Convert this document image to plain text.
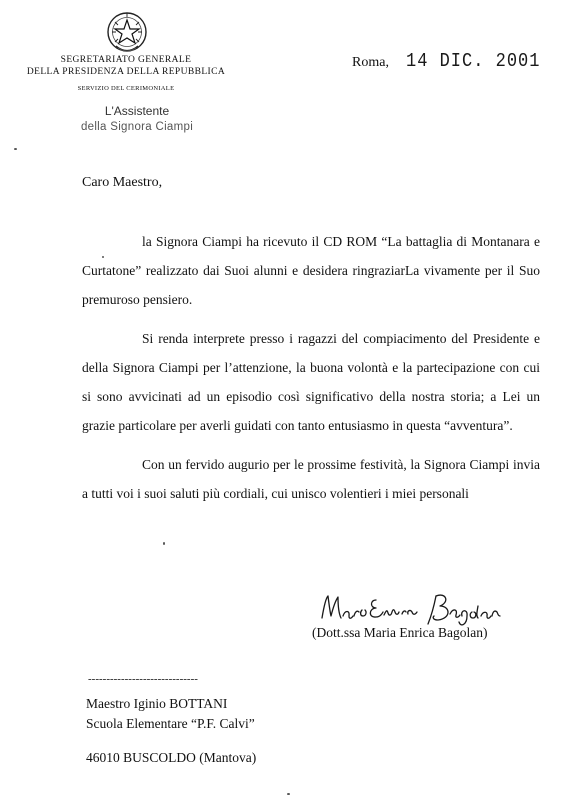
SEGRETARIATO GENERALE
DELLA PRESIDENZA DELLA REPUBBLICA
SERVIZIO DEL CERIMONIALE
L'Assistente
della Signora Ciampi
Roma, 14 DIC. 2001
Caro Maestro,

la Signora Ciampi ha ricevuto il CD ROM “La battaglia di Montanara e Curtatone” realizzato dai Suoi alunni e desidera ringraziarLa vivamente per il Suo premuroso pensiero.

Si renda interprete presso i ragazzi del compiacimento del Presidente e della Signora Ciampi per l’attenzione, la buona volontà e la partecipazione con cui si sono avvicinati ad un episodio così significativo della nostra storia; a Lei un grazie particolare per averli guidati con tanto entusiasmo in questa “avventura”.

Con un fervido augurio per le prossime festività, la Signora Ciampi invia a tutti voi i suoi saluti più cordiali, cui unisco volentieri i miei personali

(Dott.ssa Maria Enrica Bagolan)
------------------------------
Maestro Iginio BOTTANI
Scuola Elementare “P.F. Calvi”
46010 BUSCOLDO (Mantova)
